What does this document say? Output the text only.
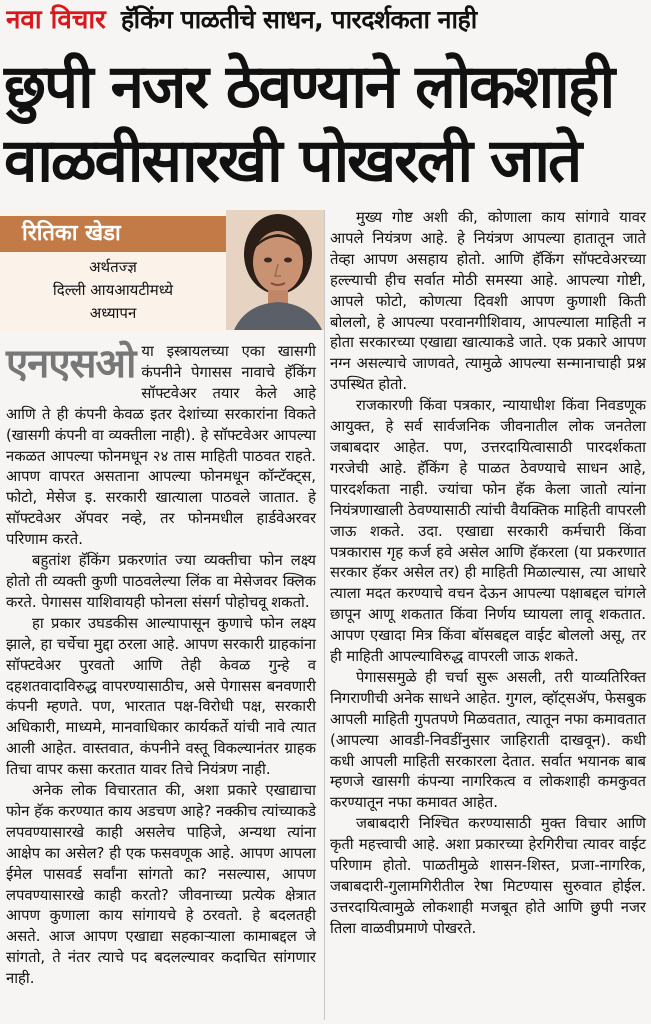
नवा विचार हॅकिंग पाळतीचे साधन, पारदर्शकता नाही
छुपी नजर ठेवण्याने लोकशाही
वाळवीसारखी पोखरली जाते
रितिका खेडा
अर्थतज्ज्ञ
दिल्ली आयआयटीमध्ये
अध्यापन

एनएसओ या इस्त्रायलच्या एका खासगी कंपनीने पेगासस नावाचे हॅकिंग सॉफ्टवेअर तयार केले आहे आणि ते ही कंपनी केवळ इतर देशांच्या सरकारांना विकते (खासगी कंपनी वा व्यक्तीला नाही). हे सॉफ्टवेअर आपल्या नकळत आपल्या फोनमधून २४ तास माहिती पाठवत राहते. आपण वापरत असताना आपल्या फोनमधून कॉन्टॅक्ट्स, फोटो, मेसेज इ. सरकारी खात्याला पाठवले जातात. हे सॉफ्टवेअर ॲपवर नव्हे, तर फोनमधील हार्डवेअरवर परिणाम करते.

बहुतांश हॅकिंग प्रकरणांत ज्या व्यक्तीचा फोन लक्ष्य होतो ती व्यक्ती कुणी पाठवलेल्या लिंक वा मेसेजवर क्लिक करते. पेगासस याशिवायही फोनला संसर्ग पोहोचवू शकतो.

हा प्रकार उघडकीस आल्यापासून कुणाचे फोन लक्ष्य झाले, हा चर्चेचा मुद्दा ठरला आहे. आपण सरकारी ग्राहकांना सॉफ्टवेअर पुरवतो आणि तेही केवळ गुन्हे व दहशतवादाविरुद्ध वापरण्यासाठीच, असे पेगासस बनवणारी कंपनी म्हणते. पण, भारतात पक्ष-विरोधी पक्ष, सरकारी अधिकारी, माध्यमे, मानवाधिकार कार्यकर्ते यांची नावे त्यात आली आहेत. वास्तवात, कंपनीने वस्तू विकल्यानंतर ग्राहक तिचा वापर कसा करतात यावर तिचे नियंत्रण नाही.

अनेक लोक विचारतात की, अशा प्रकारे एखाद्याचा फोन हॅक करण्यात काय अडचण आहे? नक्कीच त्यांच्याकडे लपवण्यासारखे काही असलेच पाहिजे, अन्यथा त्यांना आक्षेप का असेल? ही एक फसवणूक आहे. आपण आपला ईमेल पासवर्ड सर्वांना सांगतो का? नसल्यास, आपण लपवण्यासारखे काही करतो? जीवनाच्या प्रत्येक क्षेत्रात आपण कुणाला काय सांगायचे हे ठरवतो. हे बदलतही असते. आज आपण एखाद्या सहकाऱ्याला कामाबद्दल जे सांगतो, ते नंतर त्याचे पद बदलल्यावर कदाचित सांगणार नाही.

मुख्य गोष्ट अशी की, कोणाला काय सांगावे यावर आपले नियंत्रण आहे. हे नियंत्रण आपल्या हातातून जाते तेव्हा आपण असहाय होतो. आणि हॅकिंग सॉफ्टवेअरच्या हल्ल्याची हीच सर्वात मोठी समस्या आहे. आपल्या गोष्टी, आपले फोटो, कोणत्या दिवशी आपण कुणाशी किती बोललो, हे आपल्या परवानगीशिवाय, आपल्याला माहिती न होता सरकारच्या एखाद्या खात्याकडे जाते. एक प्रकारे आपण नग्न असल्याचे जाणवते, त्यामुळे आपल्या सन्मानाचाही प्रश्न उपस्थित होतो.

राजकारणी किंवा पत्रकार, न्यायाधीश किंवा निवडणूक आयुक्त, हे सर्व सार्वजनिक जीवनातील लोक जनतेला जबाबदार आहेत. पण, उत्तरदायित्वासाठी पारदर्शकता गरजेची आहे. हॅकिंग हे पाळत ठेवण्याचे साधन आहे, पारदर्शकता नाही. ज्यांचा फोन हॅक केला जातो त्यांना नियंत्रणाखाली ठेवण्यासाठी त्यांची वैयक्तिक माहिती वापरली जाऊ शकते. उदा. एखाद्या सरकारी कर्मचारी किंवा पत्रकारास गृह कर्ज हवे असेल आणि हॅकरला (या प्रकरणात सरकार हॅकर असेल तर) ही माहिती मिळाल्यास, त्या आधारे त्याला मदत करण्याचे वचन देऊन आपल्या पक्षाबद्दल चांगले छापून आणू शकतात किंवा निर्णय घ्यायला लावू शकतात. आपण एखादा मित्र किंवा बॉसबद्दल वाईट बोललो असू, तर ही माहिती आपल्याविरुद्ध वापरली जाऊ शकते.

पेगाससमुळे ही चर्चा सुरू असली, तरी याव्यतिरिक्त निगराणीची अनेक साधने आहेत. गुगल, व्हॉट्सॲप, फेसबुक आपली माहिती गुपतपणे मिळवतात, त्यातून नफा कमावतात (आपल्या आवडी-निवडींनुसार जाहिराती दाखवून). कधी कधी आपली माहिती सरकारला देतात. सर्वात भयानक बाब म्हणजे खासगी कंपन्या नागरिकत्व व लोकशाही कमकुवत करण्यातून नफा कमावत आहेत.

जबाबदारी निश्चित करण्यासाठी मुक्त विचार आणि कृती महत्त्वाची आहे. अशा प्रकारच्या हेरगिरीचा त्यावर वाईट परिणाम होतो. पाळतीमुळे शासन-शिस्त, प्रजा-नागरिक, जबाबदारी-गुलामगिरीतील रेषा मिटण्यास सुरुवात होईल. उत्तरदायित्वामुळे लोकशाही मजबूत होते आणि छुपी नजर तिला वाळवीप्रमाणे पोखरते.
